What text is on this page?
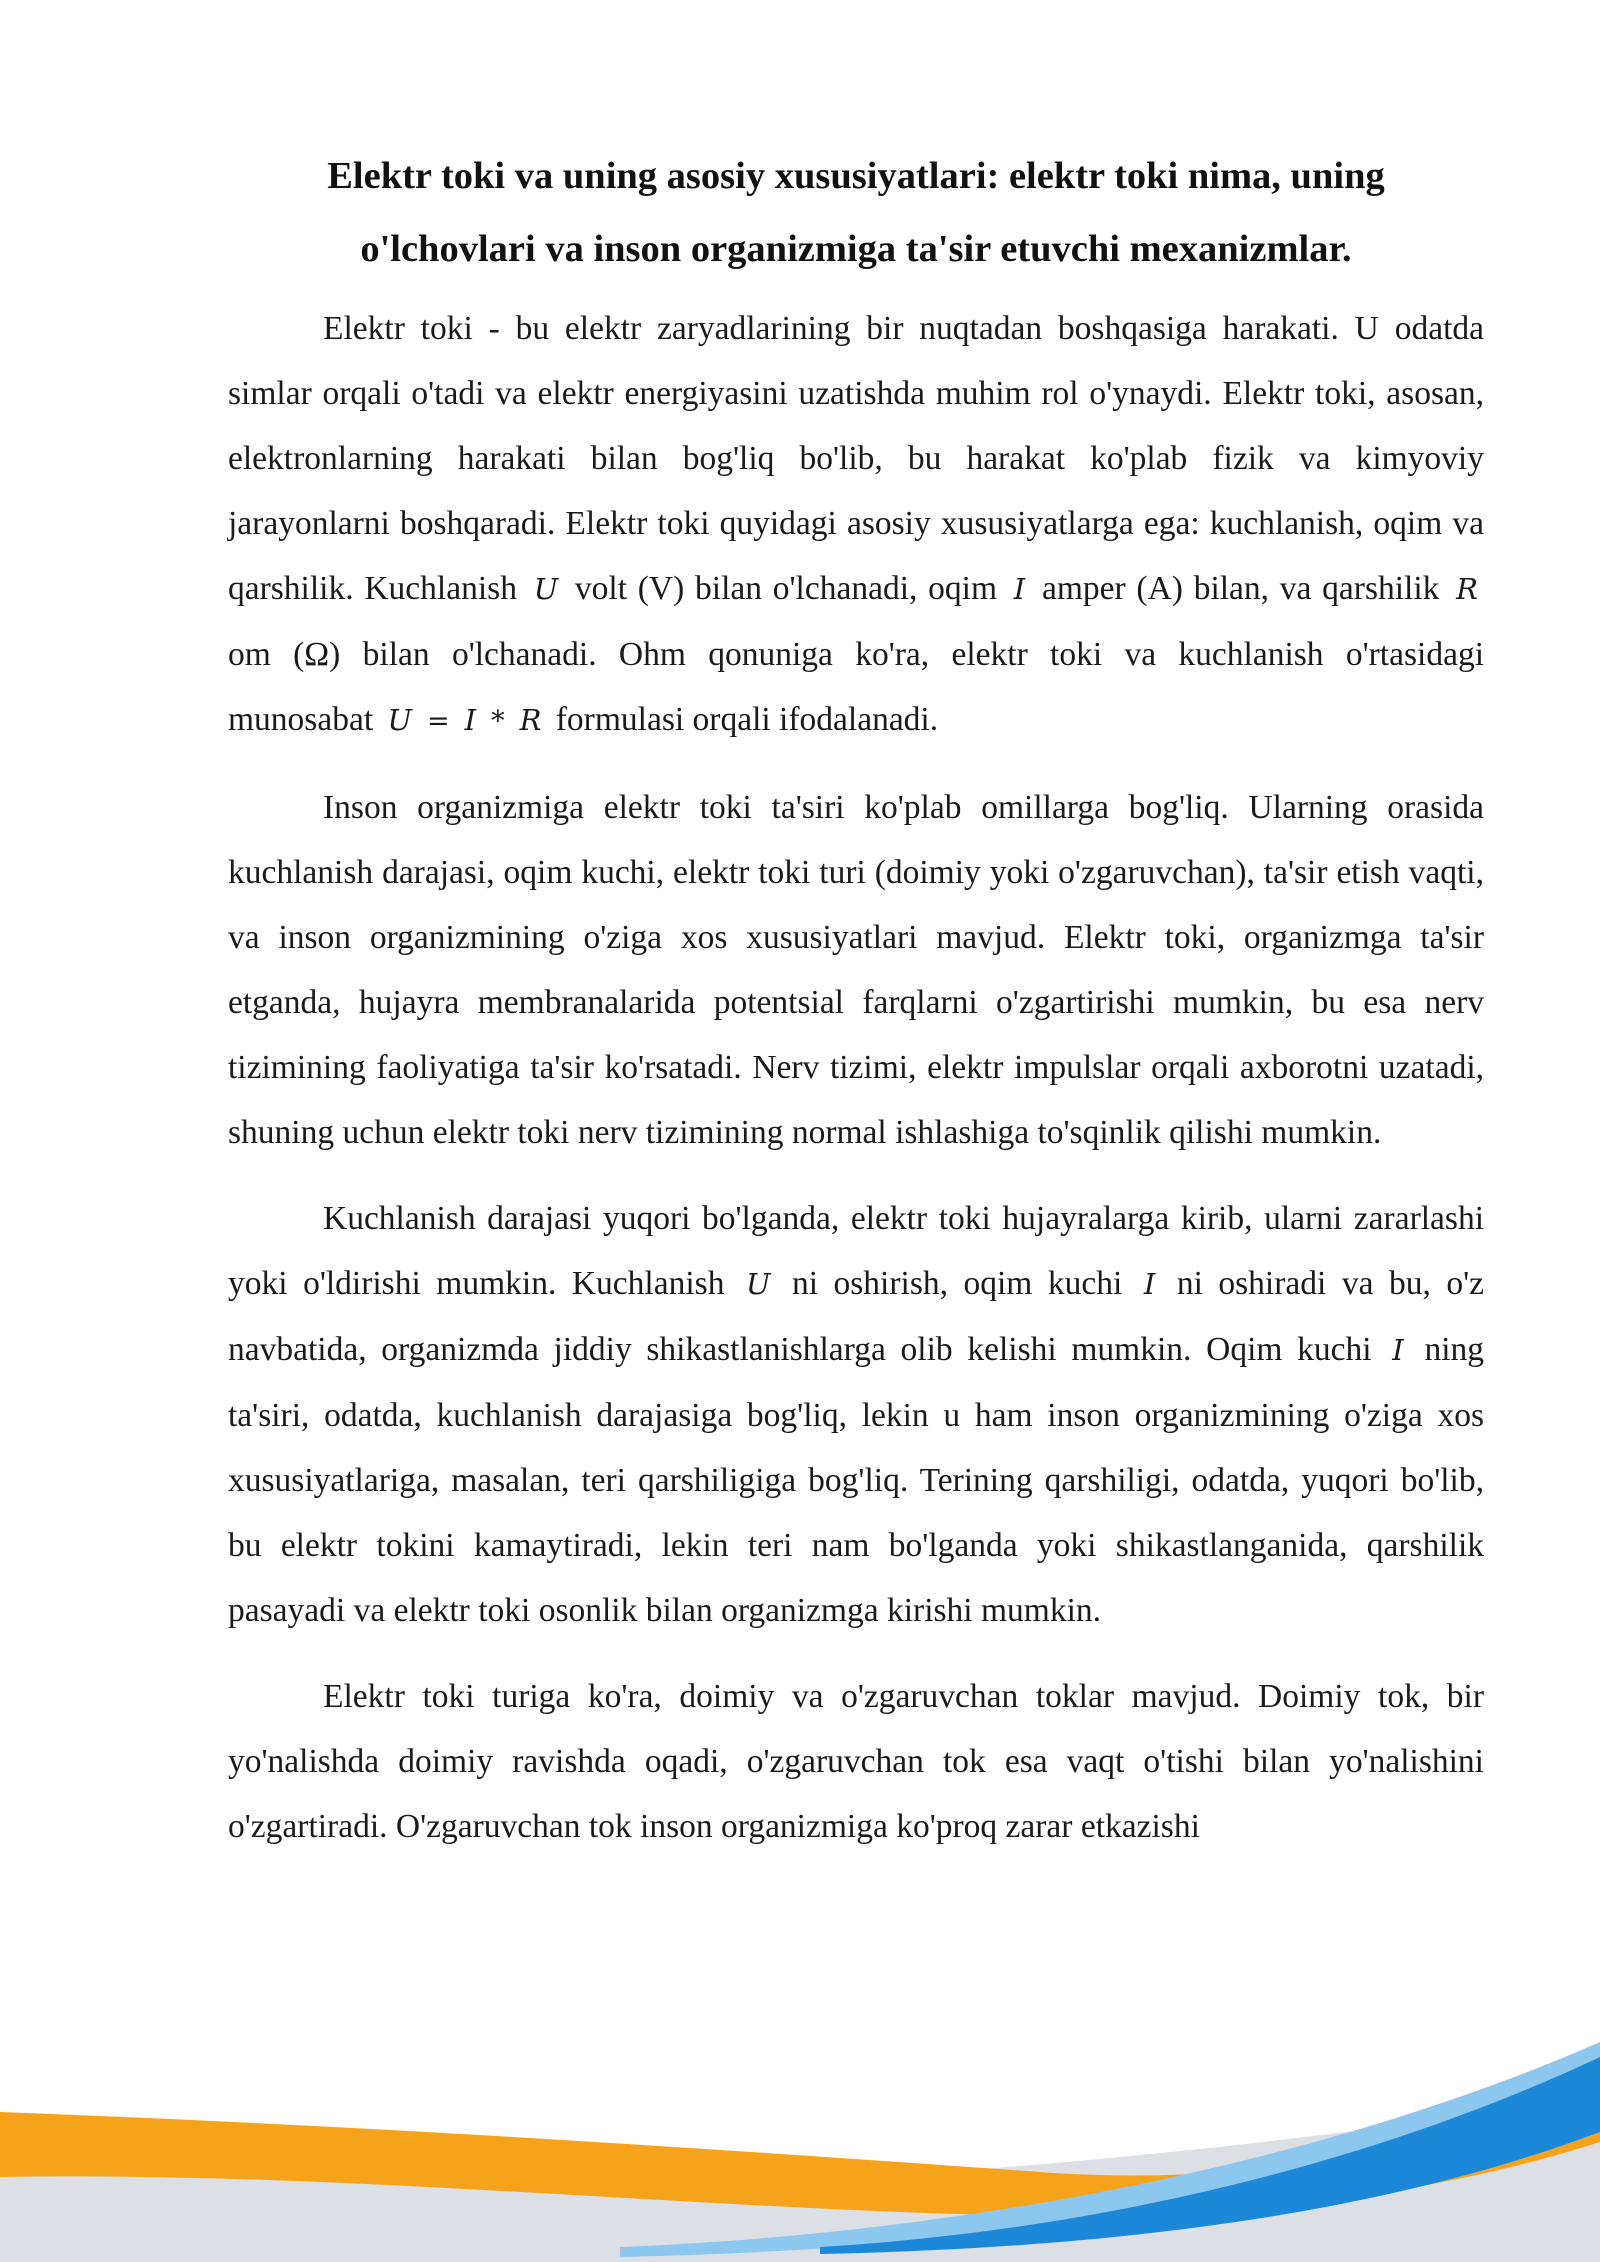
Elektr toki va uning asosiy xususiyatlari: elektr toki nima, uning
o'lchovlari va inson organizmiga ta'sir etuvchi mexanizmlar.

Elektr toki - bu elektr zaryadlarining bir nuqtadan boshqasiga harakati. U odatda simlar orqali o'tadi va elektr energiyasini uzatishda muhim rol o'ynaydi. Elektr toki, asosan, elektronlarning harakati bilan bog'liq bo'lib, bu harakat ko'plab fizik va kimyoviy jarayonlarni boshqaradi. Elektr toki quyidagi asosiy xususiyatlarga ega: kuchlanish, oqim va qarshilik. Kuchlanish U volt (V) bilan o'lchanadi, oqim I amper (A) bilan, va qarshilik R om (Ω) bilan o'lchanadi. Ohm qonuniga ko'ra, elektr toki va kuchlanish o'rtasidagi munosabat U = I * R formulasi orqali ifodalanadi.

Inson organizmiga elektr toki ta'siri ko'plab omillarga bog'liq. Ularning orasida kuchlanish darajasi, oqim kuchi, elektr toki turi (doimiy yoki o'zgaruvchan), ta'sir etish vaqti, va inson organizmining o'ziga xos xususiyatlari mavjud. Elektr toki, organizmga ta'sir etganda, hujayra membranalarida potentsial farqlarni o'zgartirishi mumkin, bu esa nerv tizimining faoliyatiga ta'sir ko'rsatadi. Nerv tizimi, elektr impulslar orqali axborotni uzatadi, shuning uchun elektr toki nerv tizimining normal ishlashiga to'sqinlik qilishi mumkin.

Kuchlanish darajasi yuqori bo'lganda, elektr toki hujayralarga kirib, ularni zararlashi yoki o'ldirishi mumkin. Kuchlanish U ni oshirish, oqim kuchi I ni oshiradi va bu, o'z navbatida, organizmda jiddiy shikastlanishlarga olib kelishi mumkin. Oqim kuchi I ning ta'siri, odatda, kuchlanish darajasiga bog'liq, lekin u ham inson organizmining o'ziga xos xususiyatlariga, masalan, teri qarshiligiga bog'liq. Terining qarshiligi, odatda, yuqori bo'lib, bu elektr tokini kamaytiradi, lekin teri nam bo'lganda yoki shikastlanganida, qarshilik pasayadi va elektr toki osonlik bilan organizmga kirishi mumkin.

Elektr toki turiga ko'ra, doimiy va o'zgaruvchan toklar mavjud. Doimiy tok, bir yo'nalishda doimiy ravishda oqadi, o'zgaruvchan tok esa vaqt o'tishi bilan yo'nalishini o'zgartiradi. O'zgaruvchan tok inson organizmiga ko'proq zarar etkazishi
